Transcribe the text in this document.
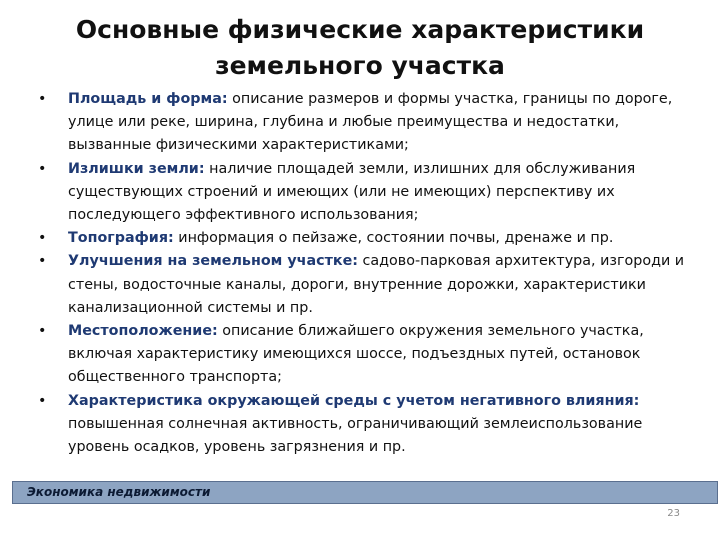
Основные физические характеристики
земельного участка
•	Площадь и форма: описание размеров и формы участка, границы по дороге, улице или реке, ширина, глубина и любые преимущества и недостатки, вызванные физическими характеристиками;
•	Излишки земли: наличие площадей земли, излишних для обслуживания существующих строений и имеющих (или не имеющих) перспективу их последующего эффективного использования;
•	Топография: информация о пейзаже, состоянии почвы, дренаже и пр.
•	Улучшения на земельном участке: садово-парковая архитектура, изгороди и стены, водосточные каналы, дороги, внутренние дорожки, характеристики канализационной системы и пр.
•	Местоположение: описание ближайшего окружения земельного участка, включая характеристику имеющихся шоссе, подъездных путей, остановок общественного транспорта;
•	Характеристика окружающей среды с учетом негативного влияния: повышенная солнечная активность, ограничивающий землеиспользование уровень осадков, уровень загрязнения и пр.
Экономика недвижимости
23
